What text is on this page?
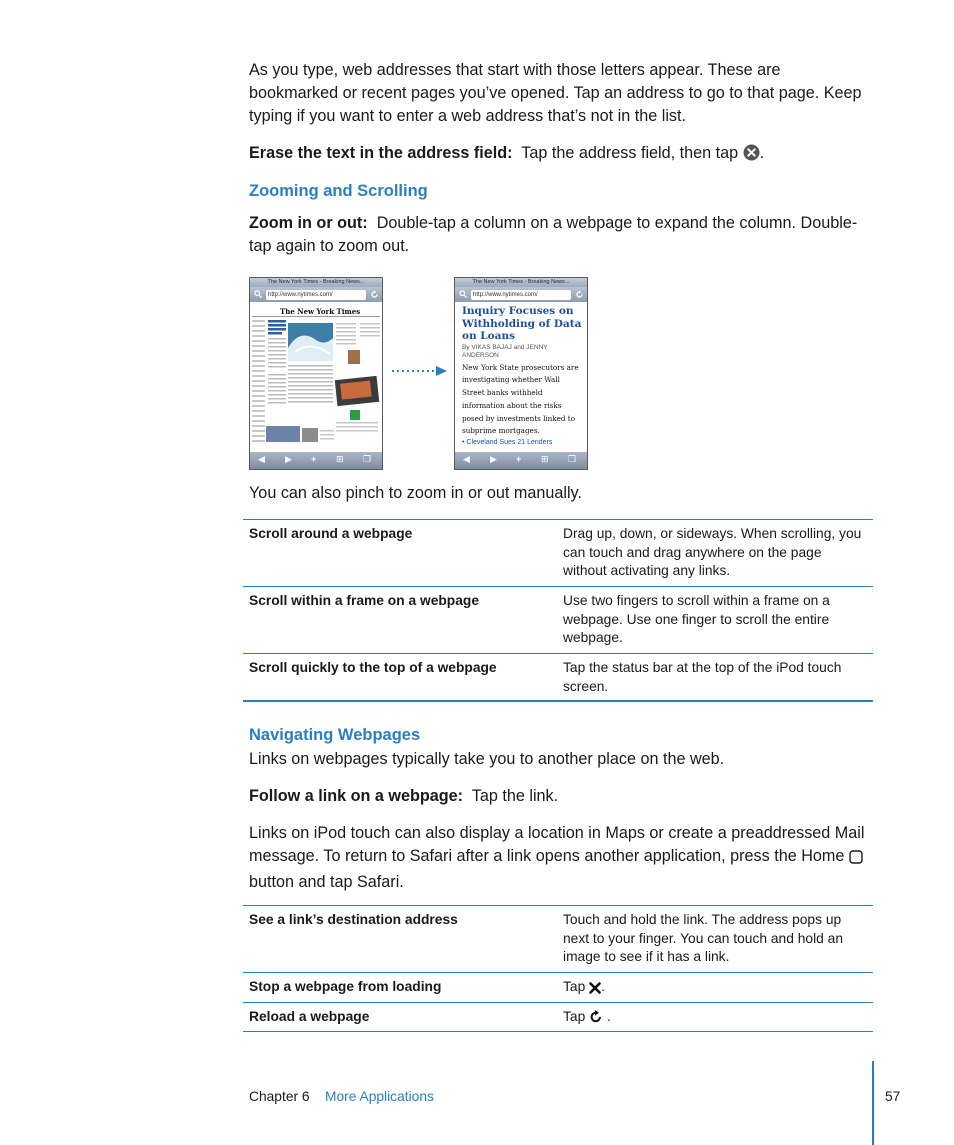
As you type, web addresses that start with those letters appear. These are bookmarked or recent pages you’ve opened. Tap an address to go to that page. Keep typing if you want to enter a web address that’s not in the list.

Erase the text in the address field: Tap the address field, then tap .

Zooming and Scrolling

Zoom in or out: Double-tap a column on a webpage to expand the column. Double-tap again to zoom out.

The New York Times - Breaking News...
http://www.nytimes.com/
The New York Times
◀ ▶ + ⊞ ❐
The New York Times - Breaking News...
http://www.nytimes.com/
Inquiry Focuses on Withholding of Data on Loans
By VIKAS BAJAJ and JENNY ANDERSON
New York State prosecutors are investigating whether Wall Street banks withheld information about the risks posed by investments linked to subprime mortgages.
• Cleveland Sues 21 Lenders
◀ ▶ + ⊞ ❐

You can also pinch to zoom in or out manually.

Scroll around a webpage	Drag up, down, or sideways. When scrolling, you can touch and drag anywhere on the page without activating any links.
Scroll within a frame on a webpage	Use two fingers to scroll within a frame on a webpage. Use one finger to scroll the entire webpage.
Scroll quickly to the top of a webpage	Tap the status bar at the top of the iPod touch screen.
Navigating Webpages

Links on webpages typically take you to another place on the web.

Follow a link on a webpage: Tap the link.

Links on iPod touch can also display a location in Maps or create a preaddressed Mail message. To return to Safari after a link opens another application, press the Home  button and tap Safari.

See a link’s destination address	Touch and hold the link. The address pops up next to your finger. You can touch and hold an image to see if it has a link.
Stop a webpage from loading	Tap .
Reload a webpage	Tap .
Chapter 6 More Applications	57
